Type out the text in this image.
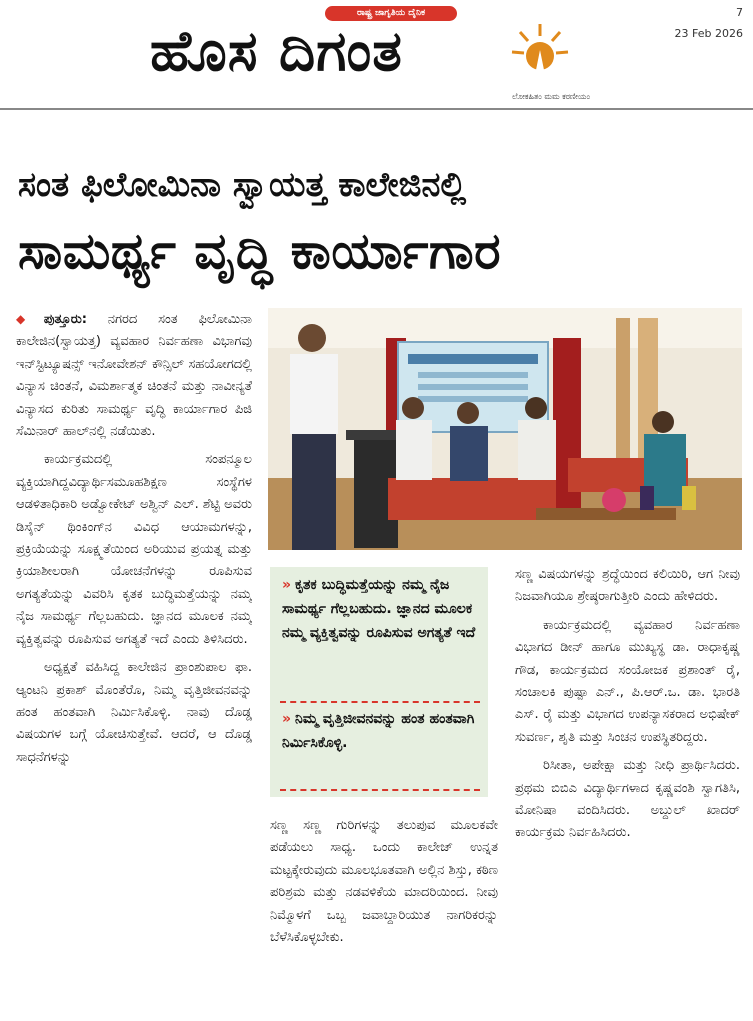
ರಾಷ್ಟ್ರ ಜಾಗೃತಿಯ ದೈನಿಕ
ಹೊಸ ದಿಗಂತ
ಲೋಕಹಿತಂ ಮಮ ಕರಣೀಯಂ
7
23 Feb 2026
ಸಂತ ಫಿಲೋಮಿನಾ ಸ್ವಾಯತ್ತ ಕಾಲೇಜಿನಲ್ಲಿ
ಸಾಮರ್ಥ್ಯ ವೃದ್ಧಿ ಕಾರ್ಯಾಗಾರ

◆ ಪುತ್ತೂರು: ನಗರದ ಸಂತ ಫಿಲೋಮಿನಾ ಕಾಲೇಜಿನ(ಸ್ವಾಯತ್ತ) ವ್ಯವಹಾರ ನಿರ್ವಹಣಾ ವಿಭಾಗವು ಇನ್‌ಸ್ಟಿಟ್ಯೂಷನ್ಸ್ ಇನೋವೇಶನ್ ಕೌನ್ಸಿಲ್ ಸಹಯೋಗದಲ್ಲಿ ವಿನ್ಯಾಸ ಚಿಂತನೆ, ವಿಮರ್ಶಾತ್ಮಕ ಚಿಂತನೆ ಮತ್ತು ನಾವೀನ್ಯತೆ ವಿನ್ಯಾಸದ ಕುರಿತು ಸಾಮರ್ಥ್ಯ ವೃದ್ಧಿ ಕಾರ್ಯಾಗಾರ ಪಿಜಿ ಸೆಮಿನಾರ್ ಹಾಲ್‌ನಲ್ಲಿ ನಡೆಯಿತು.

ಕಾರ್ಯಕ್ರಮದಲ್ಲಿ ಸಂಪನ್ಮೂಲ ವ್ಯಕ್ತಿಯಾಗಿದ್ದವಿದ್ಯಾರ್ಥಿಸಮೂಹಶಿಕ್ಷಣ ಸಂಸ್ಥೆಗಳ ಆಡಳಿತಾಧಿಕಾರಿ ಅಡ್ವೋಕೇಟ್ ಅಶ್ವಿನ್ ಎಲ್. ಶೆಟ್ಟಿ ಅವರು ಡಿಸೈನ್ ಥಿಂಕಿಂಗ್‌ನ ವಿವಿಧ ಆಯಾಮಗಳನ್ನು, ಪ್ರಕ್ರಿಯೆಯನ್ನು ಸೂಕ್ಷ್ಮತೆಯಿಂದ ಅರಿಯುವ ಪ್ರಯತ್ನ ಮತ್ತು ಕ್ರಿಯಾಶೀಲರಾಗಿ ಯೋಚನೆಗಳನ್ನು ರೂಪಿಸುವ ಅಗತ್ಯತೆಯನ್ನು ವಿವರಿಸಿ ಕೃತಕ ಬುದ್ಧಿಮತ್ತೆಯನ್ನು ನಮ್ಮ ನೈಜ ಸಾಮರ್ಥ್ಯ ಗೆಲ್ಲಬಹುದು. ಜ್ಞಾನದ ಮೂಲಕ ನಮ್ಮ ವ್ಯಕ್ತಿತ್ವವನ್ನು ರೂಪಿಸುವ ಅಗತ್ಯತೆ ಇದೆ ಎಂದು ತಿಳಿಸಿದರು.

ಅಧ್ಯಕ್ಷತೆ ವಹಿಸಿದ್ದ ಕಾಲೇಜಿನ ಪ್ರಾಂಶುಪಾಲ ಫಾ. ಆ್ಯಂಟನಿ ಪ್ರಕಾಶ್ ಮೊಂತೆರೊ, ನಿಮ್ಮ ವೃತ್ತಿಜೀವನವನ್ನು ಹಂತ ಹಂತವಾಗಿ ನಿರ್ಮಿಸಿಕೊಳ್ಳಿ. ನಾವು ದೊಡ್ಡ ವಿಷಯಗಳ ಬಗ್ಗೆ ಯೋಚಿಸುತ್ತೇವೆ. ಆದರೆ, ಆ ದೊಡ್ಡ ಸಾಧನೆಗಳನ್ನು

» ಕೃತಕ ಬುದ್ಧಿಮತ್ತೆಯನ್ನು ನಮ್ಮ ನೈಜ ಸಾಮರ್ಥ್ಯ ಗೆಲ್ಲಬಹುದು. ಜ್ಞಾನದ ಮೂಲಕ ನಮ್ಮ ವ್ಯಕ್ತಿತ್ವವನ್ನು ರೂಪಿಸುವ ಅಗತ್ಯತೆ ಇದೆ
» ನಿಮ್ಮ ವೃತ್ತಿಜೀವನವನ್ನು ಹಂತ ಹಂತವಾಗಿ ನಿರ್ಮಿಸಿಕೊಳ್ಳಿ.

ಸಣ್ಣ ಸಣ್ಣ ಗುರಿಗಳನ್ನು ತಲುಪುವ ಮೂಲಕವೇ ಪಡೆಯಲು ಸಾಧ್ಯ. ಒಂದು ಕಾಲೇಜ್ ಉನ್ನತ ಮಟ್ಟಕ್ಕೇರುವುದು ಮೂಲಭೂತವಾಗಿ ಅಲ್ಲಿನ ಶಿಸ್ತು, ಕಠಿಣ ಪರಿಶ್ರಮ ಮತ್ತು ನಡವಳಿಕೆಯ ಮಾದರಿಯಿಂದ. ನೀವು ನಿಮ್ಮೊಳಗೆ ಒಬ್ಬ ಜವಾಬ್ದಾರಿಯುತ ನಾಗರಿಕರನ್ನು ಬೆಳೆಸಿಕೊಳ್ಳಬೇಕು.

ಸಣ್ಣ ವಿಷಯಗಳನ್ನು ಶ್ರದ್ಧೆಯಿಂದ ಕಲಿಯಿರಿ, ಆಗ ನೀವು ನಿಜವಾಗಿಯೂ ಶ್ರೇಷ್ಠರಾಗುತ್ತೀರಿ ಎಂದು ಹೇಳಿದರು.

ಕಾರ್ಯಕ್ರಮದಲ್ಲಿ ವ್ಯವಹಾರ ನಿರ್ವಹಣಾ ವಿಭಾಗದ ಡೀನ್ ಹಾಗೂ ಮುಖ್ಯಸ್ಥ ಡಾ. ರಾಧಾಕೃಷ್ಣ ಗೌಡ, ಕಾರ್ಯಕ್ರಮದ ಸಂಯೋಜಕ ಪ್ರಶಾಂತ್ ರೈ, ಸಂಚಾಲಕಿ ಪುಷ್ಪಾ ಎನ್., ಪಿ.ಆರ್.ಒ. ಡಾ. ಭಾರತಿ ಎಸ್. ರೈ ಮತ್ತು ವಿಭಾಗದ ಉಪನ್ಯಾಸಕರಾದ ಅಭಿಷೇಕ್ ಸುವರ್ಣ, ಶೃತಿ ಮತ್ತು ಸಿಂಚನ ಉಪಸ್ಥಿತರಿದ್ದರು.

ರಿಸೀತಾ, ಅಪೇಕ್ಷಾ ಮತ್ತು ನೀಧಿ ಪ್ರಾರ್ಥಿಸಿದರು. ಪ್ರಥಮ ಬಿಬಿಎ ವಿದ್ಯಾರ್ಥಿಗಳಾದ ಕೃಷ್ಣವಂಶಿ ಸ್ವಾಗತಿಸಿ, ಮೋನಿಷಾ ವಂದಿಸಿದರು. ಅಬ್ದುಲ್ ಖಾದರ್ ಕಾರ್ಯಕ್ರಮ ನಿರ್ವಹಿಸಿದರು.
